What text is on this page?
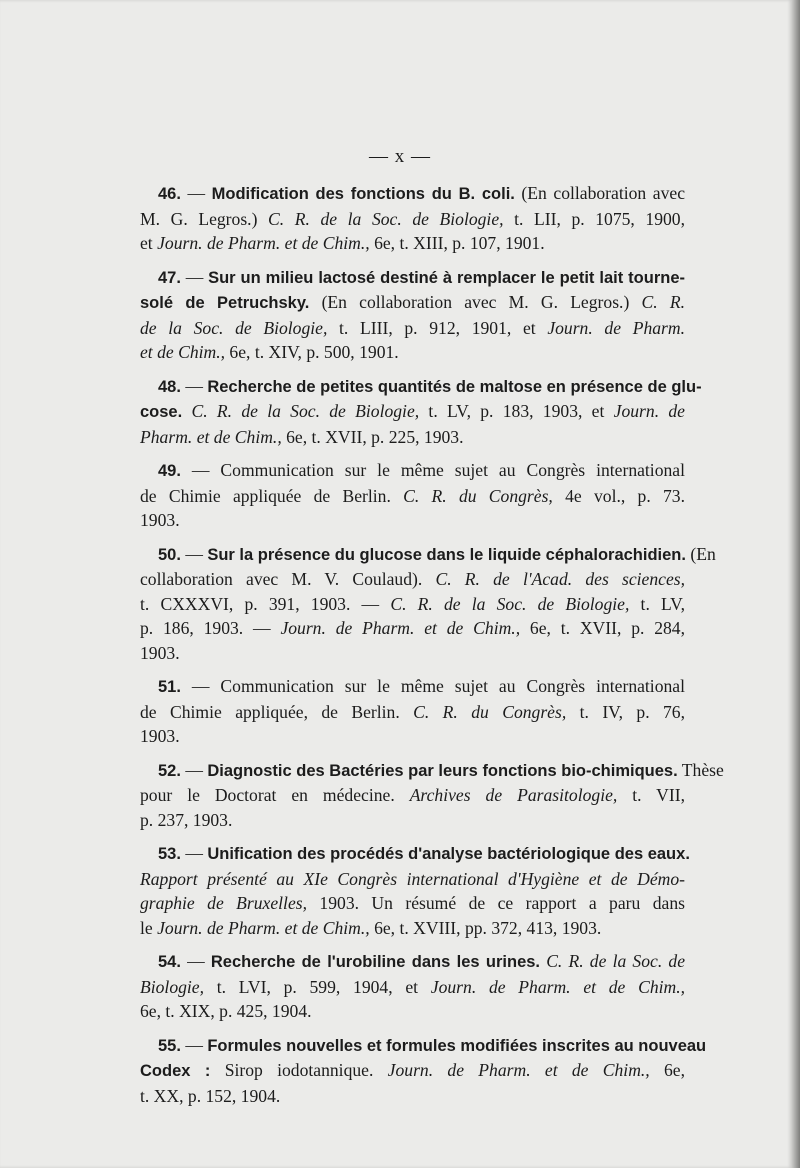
— x —
46. — Modification des fonctions du B. coli. (En collaboration avec
M. G. Legros.) C. R. de la Soc. de Biologie, t. LII, p. 1075, 1900,
et Journ. de Pharm. et de Chim., 6e, t. XIII, p. 107, 1901.
47. — Sur un milieu lactosé destiné à remplacer le petit lait tourne-
solé de Petruchsky. (En collaboration avec M. G. Legros.) C. R.
de la Soc. de Biologie, t. LIII, p. 912, 1901, et Journ. de Pharm.
et de Chim., 6e, t. XIV, p. 500, 1901.
48. — Recherche de petites quantités de maltose en présence de glu-
cose. C. R. de la Soc. de Biologie, t. LV, p. 183, 1903, et Journ. de
Pharm. et de Chim., 6e, t. XVII, p. 225, 1903.
49. — Communication sur le même sujet au Congrès international
de Chimie appliquée de Berlin. C. R. du Congrès, 4e vol., p. 73.
1903.
50. — Sur la présence du glucose dans le liquide céphalorachidien. (En
collaboration avec M. V. Coulaud). C. R. de l'Acad. des sciences,
t. CXXXVI, p. 391, 1903. — C. R. de la Soc. de Biologie, t. LV,
p. 186, 1903. — Journ. de Pharm. et de Chim., 6e, t. XVII, p. 284,
1903.
51. — Communication sur le même sujet au Congrès international
de Chimie appliquée, de Berlin. C. R. du Congrès, t. IV, p. 76,
1903.
52. — Diagnostic des Bactéries par leurs fonctions bio-chimiques. Thèse
pour le Doctorat en médecine. Archives de Parasitologie, t. VII,
p. 237, 1903.
53. — Unification des procédés d'analyse bactériologique des eaux.
Rapport présenté au XIe Congrès international d'Hygiène et de Démo-
graphie de Bruxelles, 1903. Un résumé de ce rapport a paru dans
le Journ. de Pharm. et de Chim., 6e, t. XVIII, pp. 372, 413, 1903.
54. — Recherche de l'urobiline dans les urines. C. R. de la Soc. de
Biologie, t. LVI, p. 599, 1904, et Journ. de Pharm. et de Chim.,
6e, t. XIX, p. 425, 1904.
55. — Formules nouvelles et formules modifiées inscrites au nouveau
Codex : Sirop iodotannique. Journ. de Pharm. et de Chim., 6e,
t. XX, p. 152, 1904.
